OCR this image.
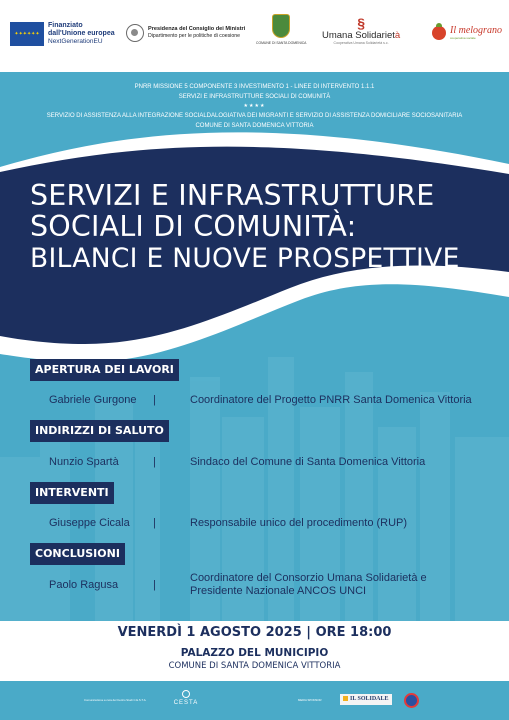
✦✦✦✦✦✦
Finanziato
dall'Unione europea
NextGenerationEU
Presidenza del Consiglio dei Ministri
Dipartimento per le politiche di coesione
COMUNE DI SANTA DOMENICA
§
Umana Solidarietà
Cooperativa Umana Solidarietà s.c.
Il melograno
cooperativa sociale
PNRR MISSIONE 5 COMPONENTE 3 INVESTIMENTO 1 - LINEE DI INTERVENTO 1.1.1
SERVIZI E INFRASTRUTTURE SOCIALI DI COMUNITÀ
★★★★
SERVIZIO DI ASSISTENZA ALLA INTEGRAZIONE SOCIALDALOGIATIVA DEI MIGRANTI E SERVIZIO DI ASSISTENZA DOMICILIARE SOCIOSANITARIA
COMUNE DI SANTA DOMENICA VITTORIA
SERVIZI E INFRASTRUTTURE
SOCIALI DI COMUNITÀ:
BILANCI E NUOVE PROSPETTIVE
APERTURA DEI LAVORI
Gabriele Gurgone |	Coordinatore del Progetto PNRR Santa Domenica Vittoria
INDIRIZZI DI SALUTO
Nunzio Spartà	|	Sindaco del Comune di Santa Domenica Vittoria
INTERVENTI
Giuseppe Cicala |	Responsabile unico del procedimento (RUP)
CONCLUSIONI
Paolo Ragusa	|
Coordinatore del Consorzio Umana Solidarietà e Presidente Nazionale ANCOS UNCI
VENERDÌ 1 AGOSTO 2025 | ORE 18:00
PALAZZO DEL MUNICIPIO
COMUNE DI SANTA DOMENICA VITTORIA
Comunicazione a cura del Centro Studi C.E.S.T.A.	CESTA	MEDIA SPONSOR	IL SOLIDALE
